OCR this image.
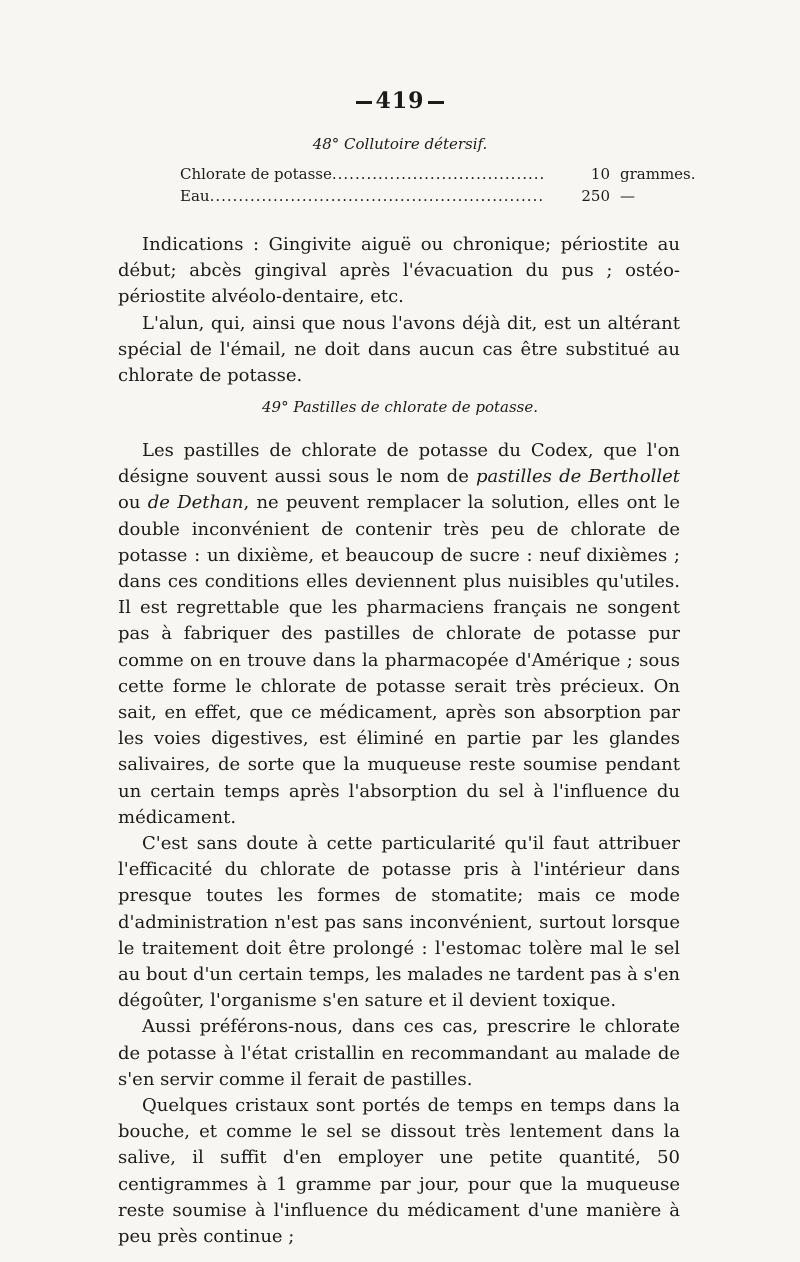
419
48° Collutoire détersif.
Chlorate de potasse .....	10 grammes.
Eau .....	250 —

Indications : Gingivite aiguë ou chronique; périostite au début; abcès gingival après l'évacuation du pus ; ostéo-périostite alvéolo-dentaire, etc.

L'alun, qui, ainsi que nous l'avons déjà dit, est un altérant spécial de l'émail, ne doit dans aucun cas être substitué au chlorate de potasse.

49° Pastilles de chlorate de potasse.

Les pastilles de chlorate de potasse du Codex, que l'on désigne souvent aussi sous le nom de pastilles de Berthollet ou de Dethan, ne peuvent remplacer la solution, elles ont le double inconvénient de contenir très peu de chlorate de potasse : un dixième, et beaucoup de sucre : neuf dixièmes ; dans ces conditions elles deviennent plus nuisibles qu'utiles. Il est regrettable que les pharmaciens français ne songent pas à fabriquer des pastilles de chlorate de potasse pur comme on en trouve dans la pharmacopée d'Amérique ; sous cette forme le chlorate de potasse serait très précieux. On sait, en effet, que ce médicament, après son absorption par les voies digestives, est éliminé en partie par les glandes salivaires, de sorte que la muqueuse reste soumise pendant un certain temps après l'absorption du sel à l'influence du médicament.

C'est sans doute à cette particularité qu'il faut attribuer l'efficacité du chlorate de potasse pris à l'intérieur dans presque toutes les formes de stomatite; mais ce mode d'administration n'est pas sans inconvénient, surtout lorsque le traitement doit être prolongé : l'estomac tolère mal le sel au bout d'un certain temps, les malades ne tardent pas à s'en dégoûter, l'organisme s'en sature et il devient toxique.

Aussi préférons-nous, dans ces cas, prescrire le chlorate de potasse à l'état cristallin en recommandant au malade de s'en servir comme il ferait de pastilles.

Quelques cristaux sont portés de temps en temps dans la bouche, et comme le sel se dissout très lentement dans la salive, il suffit d'en employer une petite quantité, 50 centigrammes à 1 gramme par jour, pour que la muqueuse reste soumise à l'influence du médicament d'une manière à peu près continue ;
